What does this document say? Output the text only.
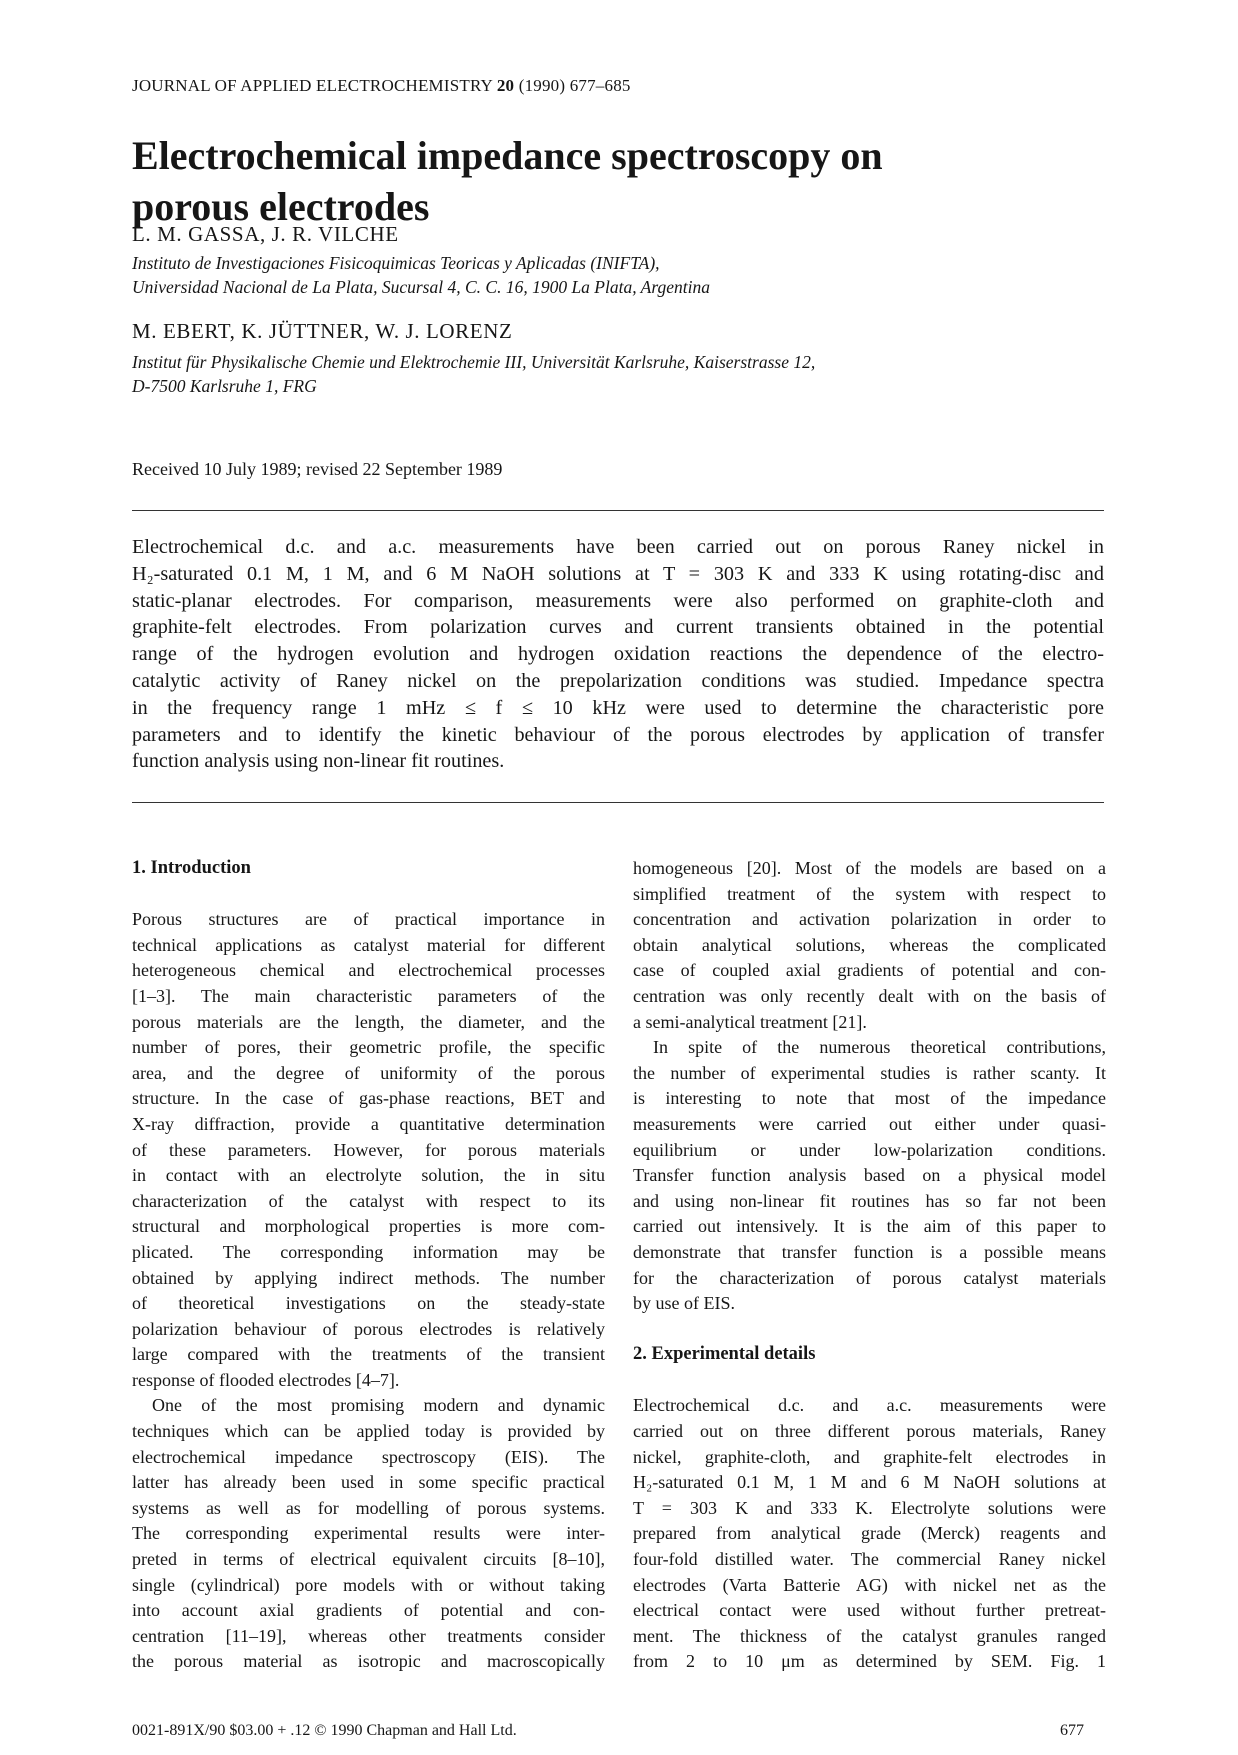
JOURNAL OF APPLIED ELECTROCHEMISTRY 20 (1990) 677–685
Electrochemical impedance spectroscopy on
porous electrodes
L. M. GASSA, J. R. VILCHE
Instituto de Investigaciones Fisicoquimicas Teoricas y Aplicadas (INIFTA),
Universidad Nacional de La Plata, Sucursal 4, C. C. 16, 1900 La Plata, Argentina
M. EBERT, K. JÜTTNER, W. J. LORENZ
Institut für Physikalische Chemie und Elektrochemie III, Universität Karlsruhe, Kaiserstrasse 12,
D-7500 Karlsruhe 1, FRG
Received 10 July 1989; revised 22 September 1989
Electrochemical d.c. and a.c. measurements have been carried out on porous Raney nickel in
H₂-saturated 0.1 M, 1 M, and 6 M NaOH solutions at T = 303 K and 333 K using rotating-disc and
static-planar electrodes. For comparison, measurements were also performed on graphite-cloth and
graphite-felt electrodes. From polarization curves and current transients obtained in the potential
range of the hydrogen evolution and hydrogen oxidation reactions the dependence of the electro-
catalytic activity of Raney nickel on the prepolarization conditions was studied. Impedance spectra
in the frequency range 1 mHz ≤ f ≤ 10 kHz were used to determine the characteristic pore
parameters and to identify the kinetic behaviour of the porous electrodes by application of transfer
function analysis using non-linear fit routines.
1. Introduction
Porous structures are of practical importance in
technical applications as catalyst material for different
heterogeneous chemical and electrochemical processes
[1–3]. The main characteristic parameters of the
porous materials are the length, the diameter, and the
number of pores, their geometric profile, the specific
area, and the degree of uniformity of the porous
structure. In the case of gas-phase reactions, BET and
X-ray diffraction, provide a quantitative determination
of these parameters. However, for porous materials
in contact with an electrolyte solution, the in situ
characterization of the catalyst with respect to its
structural and morphological properties is more com-
plicated. The corresponding information may be
obtained by applying indirect methods. The number
of theoretical investigations on the steady-state
polarization behaviour of porous electrodes is relatively
large compared with the treatments of the transient
response of flooded electrodes [4–7].
One of the most promising modern and dynamic
techniques which can be applied today is provided by
electrochemical impedance spectroscopy (EIS). The
latter has already been used in some specific practical
systems as well as for modelling of porous systems.
The corresponding experimental results were inter-
preted in terms of electrical equivalent circuits [8–10],
single (cylindrical) pore models with or without taking
into account axial gradients of potential and con-
centration [11–19], whereas other treatments consider
the porous material as isotropic and macroscopically
homogeneous [20]. Most of the models are based on a
simplified treatment of the system with respect to
concentration and activation polarization in order to
obtain analytical solutions, whereas the complicated
case of coupled axial gradients of potential and con-
centration was only recently dealt with on the basis of
a semi-analytical treatment [21].
In spite of the numerous theoretical contributions,
the number of experimental studies is rather scanty. It
is interesting to note that most of the impedance
measurements were carried out either under quasi-
equilibrium or under low-polarization conditions.
Transfer function analysis based on a physical model
and using non-linear fit routines has so far not been
carried out intensively. It is the aim of this paper to
demonstrate that transfer function is a possible means
for the characterization of porous catalyst materials
by use of EIS.
2. Experimental details
Electrochemical d.c. and a.c. measurements were
carried out on three different porous materials, Raney
nickel, graphite-cloth, and graphite-felt electrodes in
H₂-saturated 0.1 M, 1 M and 6 M NaOH solutions at
T = 303 K and 333 K. Electrolyte solutions were
prepared from analytical grade (Merck) reagents and
four-fold distilled water. The commercial Raney nickel
electrodes (Varta Batterie AG) with nickel net as the
electrical contact were used without further pretreat-
ment. The thickness of the catalyst granules ranged
from 2 to 10 μm as determined by SEM. Fig. 1
0021-891X/90 $03.00 + .12 © 1990 Chapman and Hall Ltd.	677
